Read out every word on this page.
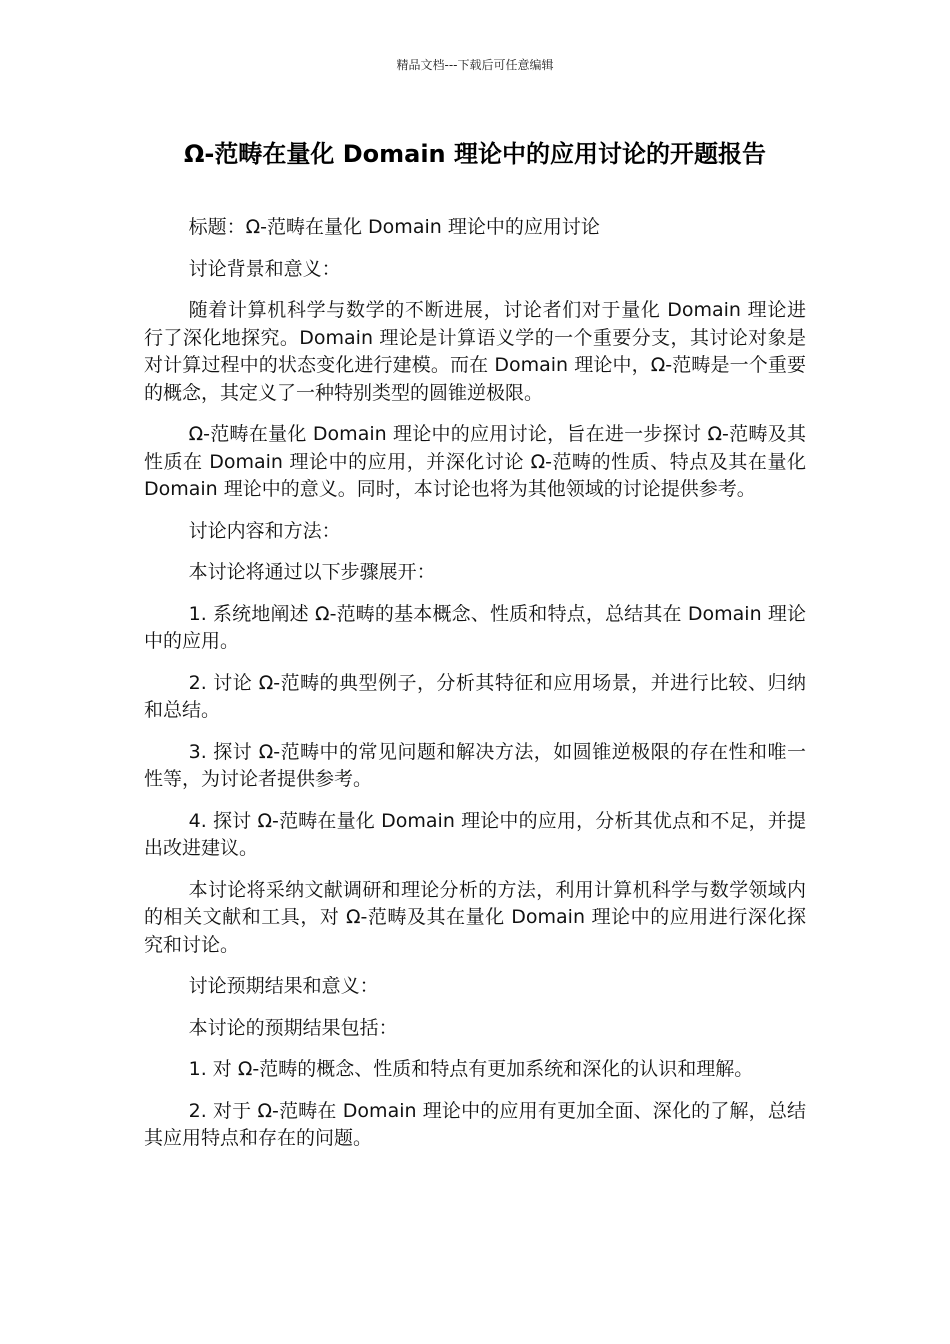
精品文档---下载后可任意编辑
Ω-范畴在量化 Domain 理论中的应用讨论的开题报告

标题：Ω-范畴在量化 Domain 理论中的应用讨论

讨论背景和意义：

随着计算机科学与数学的不断进展，讨论者们对于量化 Domain 理论进行了深化地探究。Domain 理论是计算语义学的一个重要分支，其讨论对象是对计算过程中的状态变化进行建模。而在 Domain 理论中，Ω-范畴是一个重要的概念，其定义了一种特别类型的圆锥逆极限。

Ω-范畴在量化 Domain 理论中的应用讨论，旨在进一步探讨 Ω-范畴及其性质在 Domain 理论中的应用，并深化讨论 Ω-范畴的性质、特点及其在量化 Domain 理论中的意义。同时，本讨论也将为其他领域的讨论提供参考。

讨论内容和方法：

本讨论将通过以下步骤展开：

1. 系统地阐述 Ω-范畴的基本概念、性质和特点，总结其在 Domain 理论中的应用。

2. 讨论 Ω-范畴的典型例子，分析其特征和应用场景，并进行比较、归纳和总结。

3. 探讨 Ω-范畴中的常见问题和解决方法，如圆锥逆极限的存在性和唯一性等，为讨论者提供参考。

4. 探讨 Ω-范畴在量化 Domain 理论中的应用，分析其优点和不足，并提出改进建议。

本讨论将采纳文献调研和理论分析的方法，利用计算机科学与数学领域内的相关文献和工具，对 Ω-范畴及其在量化 Domain 理论中的应用进行深化探究和讨论。

讨论预期结果和意义：

本讨论的预期结果包括：

1. 对 Ω-范畴的概念、性质和特点有更加系统和深化的认识和理解。

2. 对于 Ω-范畴在 Domain 理论中的应用有更加全面、深化的了解，总结其应用特点和存在的问题。
